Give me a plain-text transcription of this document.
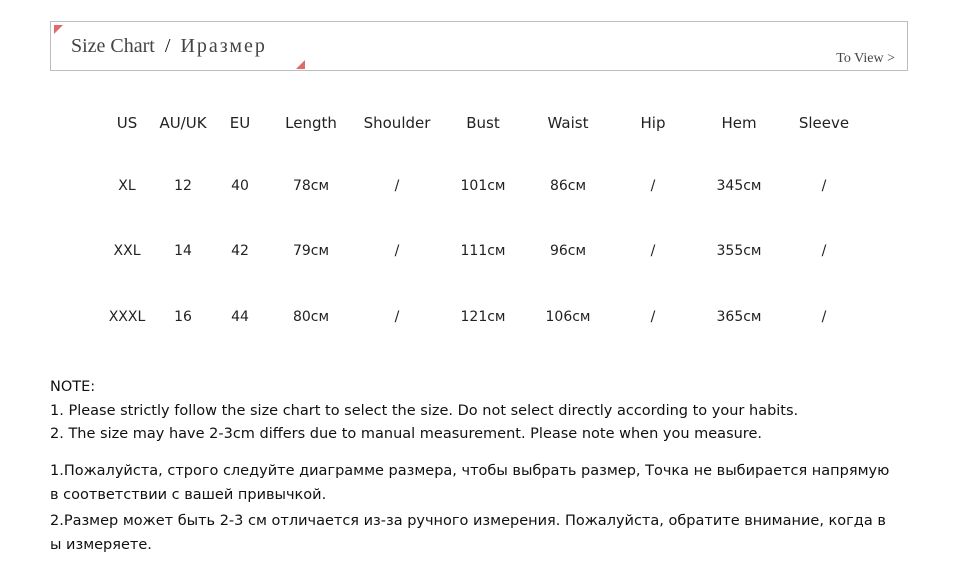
Size Chart / Иразмер
To View >
US AU/UK EU Length Shoulder Bust	Waist	Hip	Hem	Sleeve
XL	12	40	78см	/	101см	86см	/	345см	/
XXL 14	42	79см	/	111см	96см	/	355см	/
XXXL 16	44	80см	/	121см	106см	/	365см	/

NOTE:

1. Please strictly follow the size chart to select the size. Do not select directly according to your habits.

2. The size may have 2-3cm differs due to manual measurement. Please note when you measure.

1.Пожалуйста, строго следуйте диаграмме размера, чтобы выбрать размер, Точка не выбирается напрямую в соответствии с вашей привычкой.

2.Размер может быть 2-3 см отличается из-за ручного измерения. Пожалуйста, обратите внимание, когда вы измеряете.
